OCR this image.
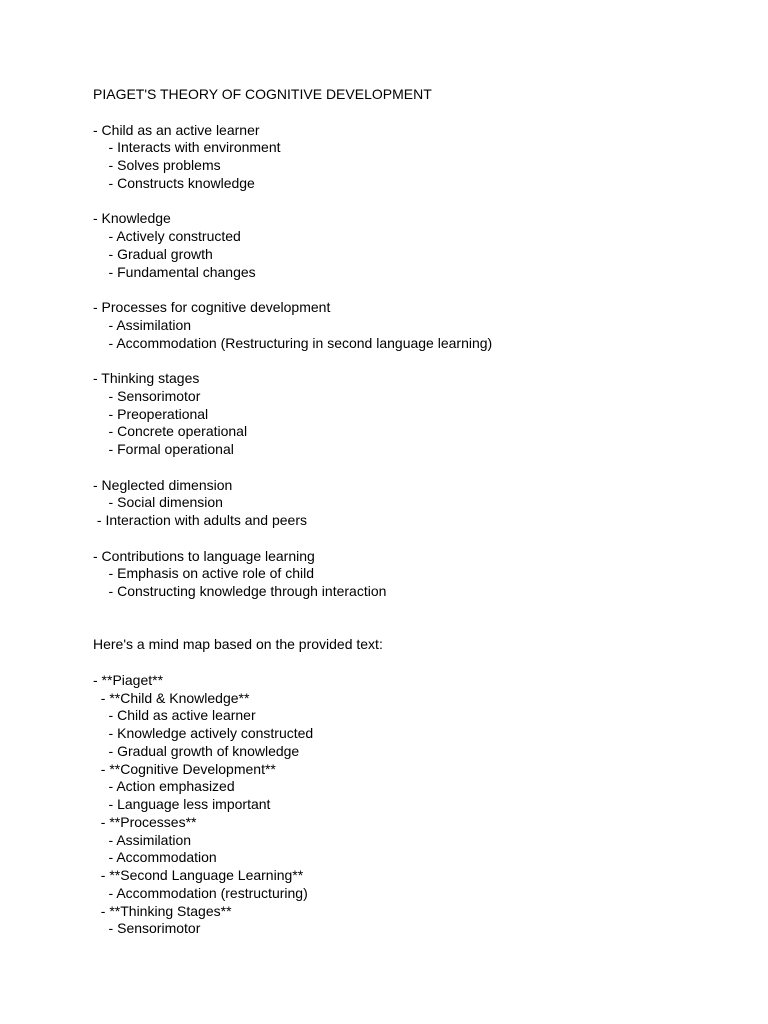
PIAGET'S THEORY OF COGNITIVE DEVELOPMENT
- Child as an active learner
- Interacts with environment
- Solves problems
- Constructs knowledge
- Knowledge
- Actively constructed
- Gradual growth
- Fundamental changes
- Processes for cognitive development
- Assimilation
- Accommodation (Restructuring in second language learning)
- Thinking stages
- Sensorimotor
- Preoperational
- Concrete operational
- Formal operational
- Neglected dimension
- Social dimension
- Interaction with adults and peers
- Contributions to language learning
- Emphasis on active role of child
- Constructing knowledge through interaction
Here's a mind map based on the provided text:
- **Piaget**
- **Child & Knowledge**
- Child as active learner
- Knowledge actively constructed
- Gradual growth of knowledge
- **Cognitive Development**
- Action emphasized
- Language less important
- **Processes**
- Assimilation
- Accommodation
- **Second Language Learning**
- Accommodation (restructuring)
- **Thinking Stages**
- Sensorimotor
